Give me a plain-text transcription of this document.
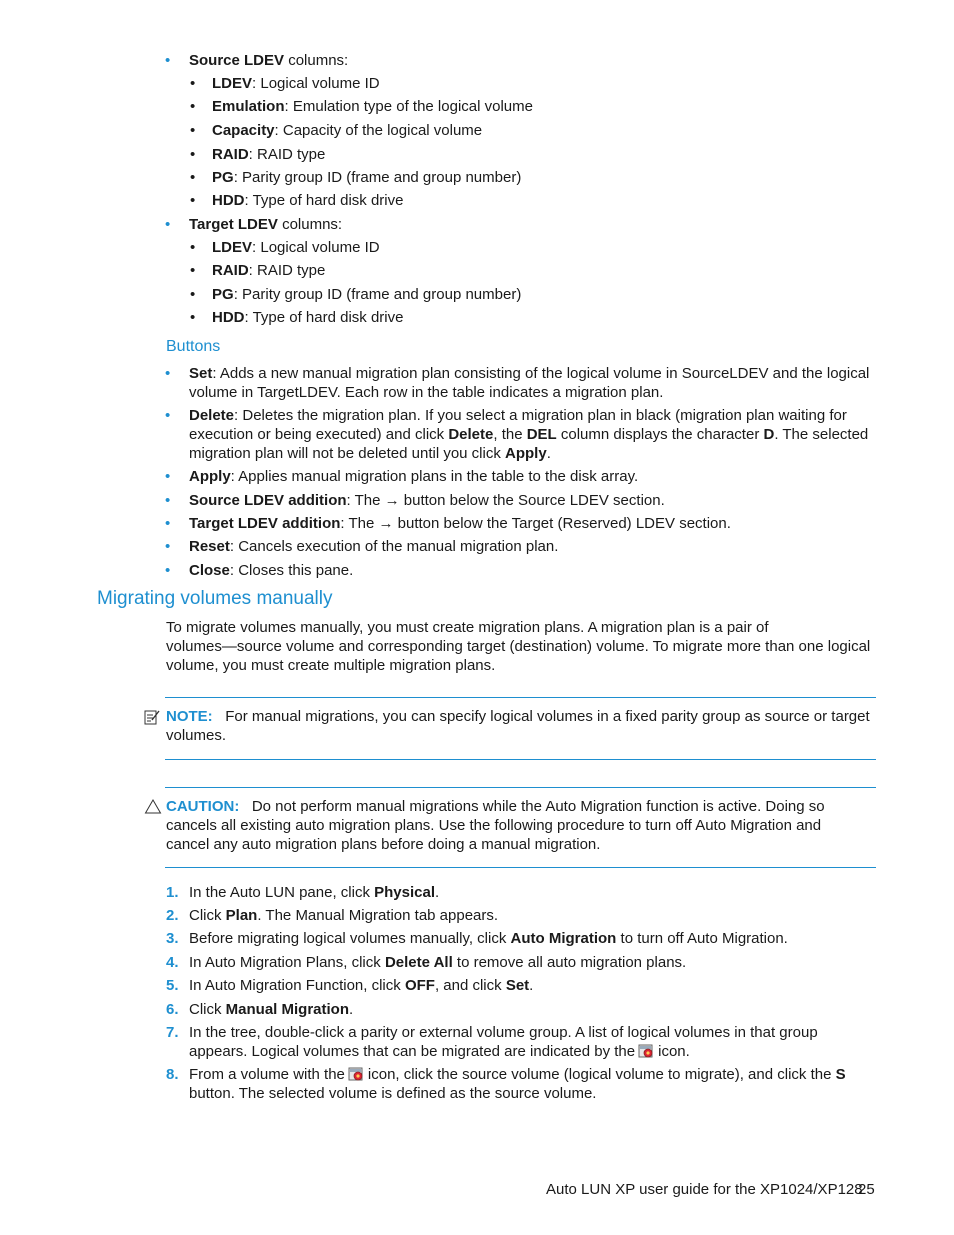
• Source LDEV columns:
• LDEV: Logical volume ID
• Emulation: Emulation type of the logical volume
• Capacity: Capacity of the logical volume
• RAID: RAID type
• PG: Parity group ID (frame and group number)
• HDD: Type of hard disk drive
• Target LDEV columns:
• LDEV: Logical volume ID
• RAID: RAID type
• PG: Parity group ID (frame and group number)
• HDD: Type of hard disk drive
Buttons
• Set: Adds a new manual migration plan consisting of the logical volume in SourceLDEV and the logical
volume in TargetLDEV. Each row in the table indicates a migration plan.
• Delete: Deletes the migration plan. If you select a migration plan in black (migration plan waiting for
execution or being executed) and click Delete, the DEL column displays the character D. The selected
migration plan will not be deleted until you click Apply.
• Apply: Applies manual migration plans in the table to the disk array.
• Source LDEV addition: The → button below the Source LDEV section.
• Target LDEV addition: The → button below the Target (Reserved) LDEV section.
• Reset: Cancels execution of the manual migration plan.
• Close: Closes this pane.
Migrating volumes manually
To migrate volumes manually, you must create migration plans. A migration plan is a pair of
volumes—source volume and corresponding target (destination) volume. To migrate more than one logical
volume, you must create multiple migration plans.
NOTE: For manual migrations, you can specify logical volumes in a fixed parity group as source or target
volumes.
CAUTION: Do not perform manual migrations while the Auto Migration function is active. Doing so
cancels all existing auto migration plans. Use the following procedure to turn off Auto Migration and
cancel any auto migration plans before doing a manual migration.
1. In the Auto LUN pane, click Physical.
2. Click Plan. The Manual Migration tab appears.
3. Before migrating logical volumes manually, click Auto Migration to turn off Auto Migration.
4. In Auto Migration Plans, click Delete All to remove all auto migration plans.
5. In Auto Migration Function, click OFF, and click Set.
6. Click Manual Migration.
7. In the tree, double-click a parity or external volume group. A list of logical volumes in that group
appears. Logical volumes that can be migrated are indicated by the icon.
8. From a volume with the icon, click the source volume (logical volume to migrate), and click the S
button. The selected volume is defined as the source volume.
Auto LUN XP user guide for the XP1024/XP128
25
